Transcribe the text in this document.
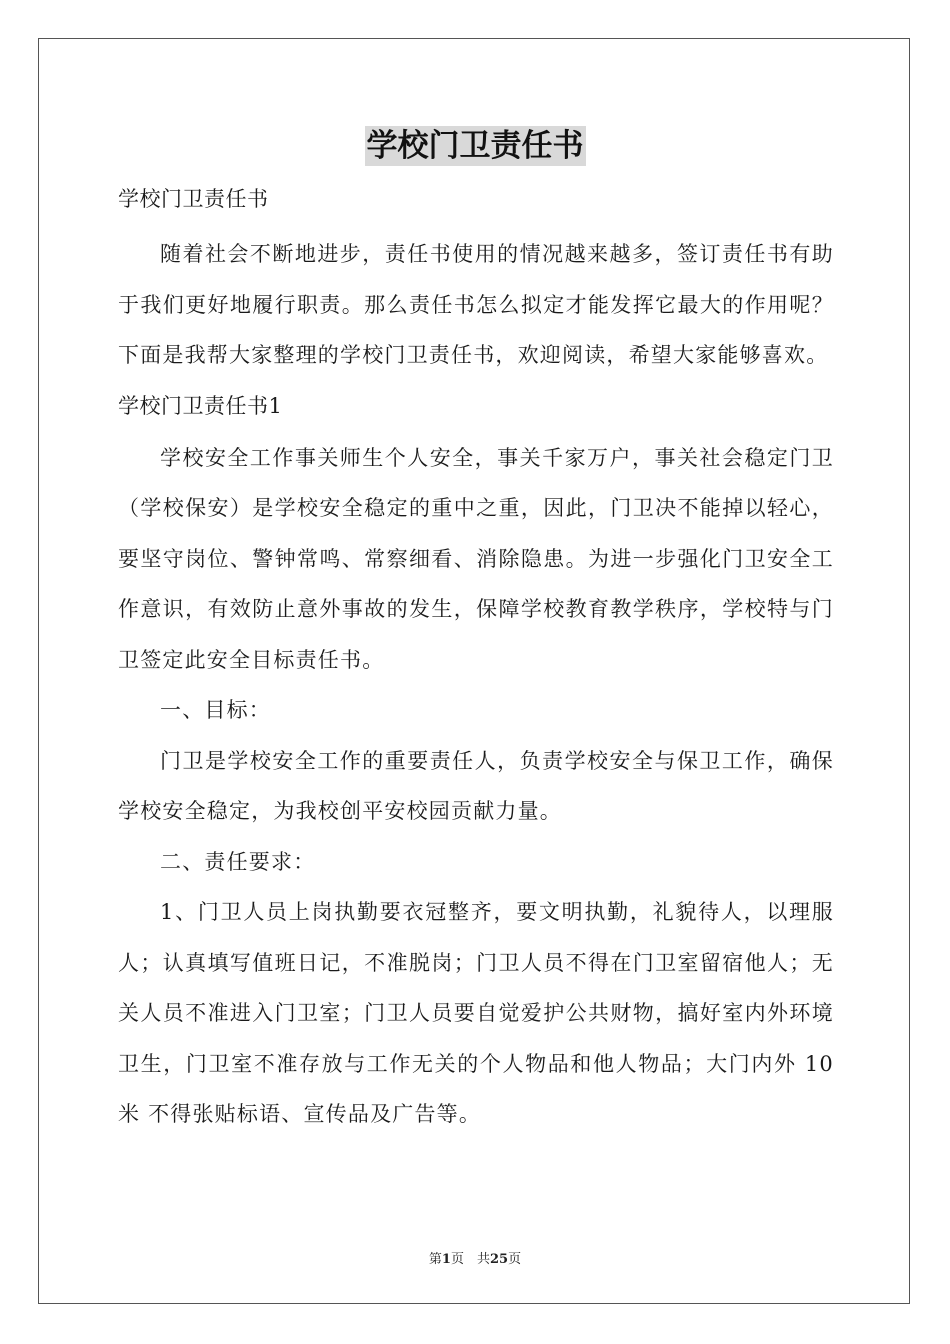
学校门卫责任书

学校门卫责任书

随着社会不断地进步，责任书使用的情况越来越多，签订责任书有助于我们更好地履行职责。那么责任书怎么拟定才能发挥它最大的作用呢？下面是我帮大家整理的学校门卫责任书，欢迎阅读，希望大家能够喜欢。

学校门卫责任书1

学校安全工作事关师生个人安全，事关千家万户，事关社会稳定门卫（学校保安）是学校安全稳定的重中之重，因此，门卫决不能掉以轻心，要坚守岗位、警钟常鸣、常察细看、消除隐患。为进一步强化门卫安全工作意识，有效防止意外事故的发生，保障学校教育教学秩序，学校特与门卫签定此安全目标责任书。

一、目标：

门卫是学校安全工作的重要责任人，负责学校安全与保卫工作，确保学校安全稳定，为我校创平安校园贡献力量。

二、责任要求：

1、门卫人员上岗执勤要衣冠整齐，要文明执勤，礼貌待人，以理服人；认真填写值班日记，不准脱岗；门卫人员不得在门卫室留宿他人；无关人员不准进入门卫室；门卫人员要自觉爱护公共财物，搞好室内外环境卫生，门卫室不准存放与工作无关的个人物品和他人物品；大门内外 10米 不得张贴标语、宣传品及广告等。

第1页　共25页
